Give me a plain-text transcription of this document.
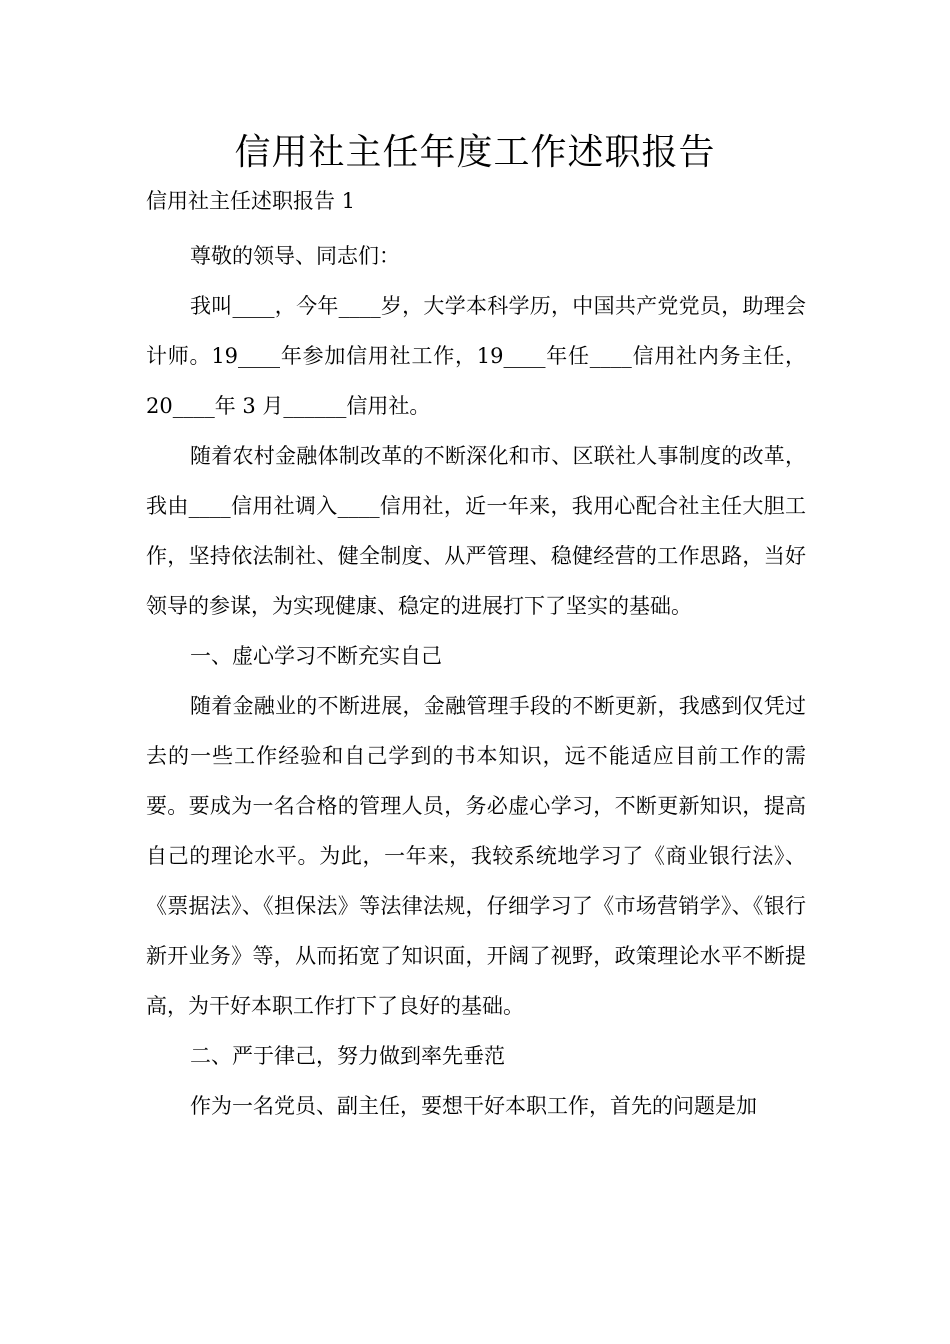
信用社主任年度工作述职报告

信用社主任述职报告 1

尊敬的领导、同志们：

我叫____，今年____岁，大学本科学历，中国共产党党员，助理会计师。19____年参加信用社工作，19____年任____信用社内务主任，20____年 3 月______信用社。

随着农村金融体制改革的不断深化和市、区联社人事制度的改革，我由____信用社调入____信用社，近一年来，我用心配合社主任大胆工作，坚持依法制社、健全制度、从严管理、稳健经营的工作思路，当好领导的参谋，为实现健康、稳定的进展打下了坚实的基础。

一、虚心学习不断充实自己

随着金融业的不断进展，金融管理手段的不断更新，我感到仅凭过去的一些工作经验和自己学到的书本知识，远不能适应目前工作的需要。要成为一名合格的管理人员，务必虚心学习，不断更新知识，提高自己的理论水平。为此，一年来，我较系统地学习了《商业银行法》、《票据法》、《担保法》等法律法规，仔细学习了《市场营销学》、《银行新开业务》等，从而拓宽了知识面，开阔了视野，政策理论水平不断提高，为干好本职工作打下了良好的基础。

二、严于律己，努力做到率先垂范

作为一名党员、副主任，要想干好本职工作，首先的问题是加
